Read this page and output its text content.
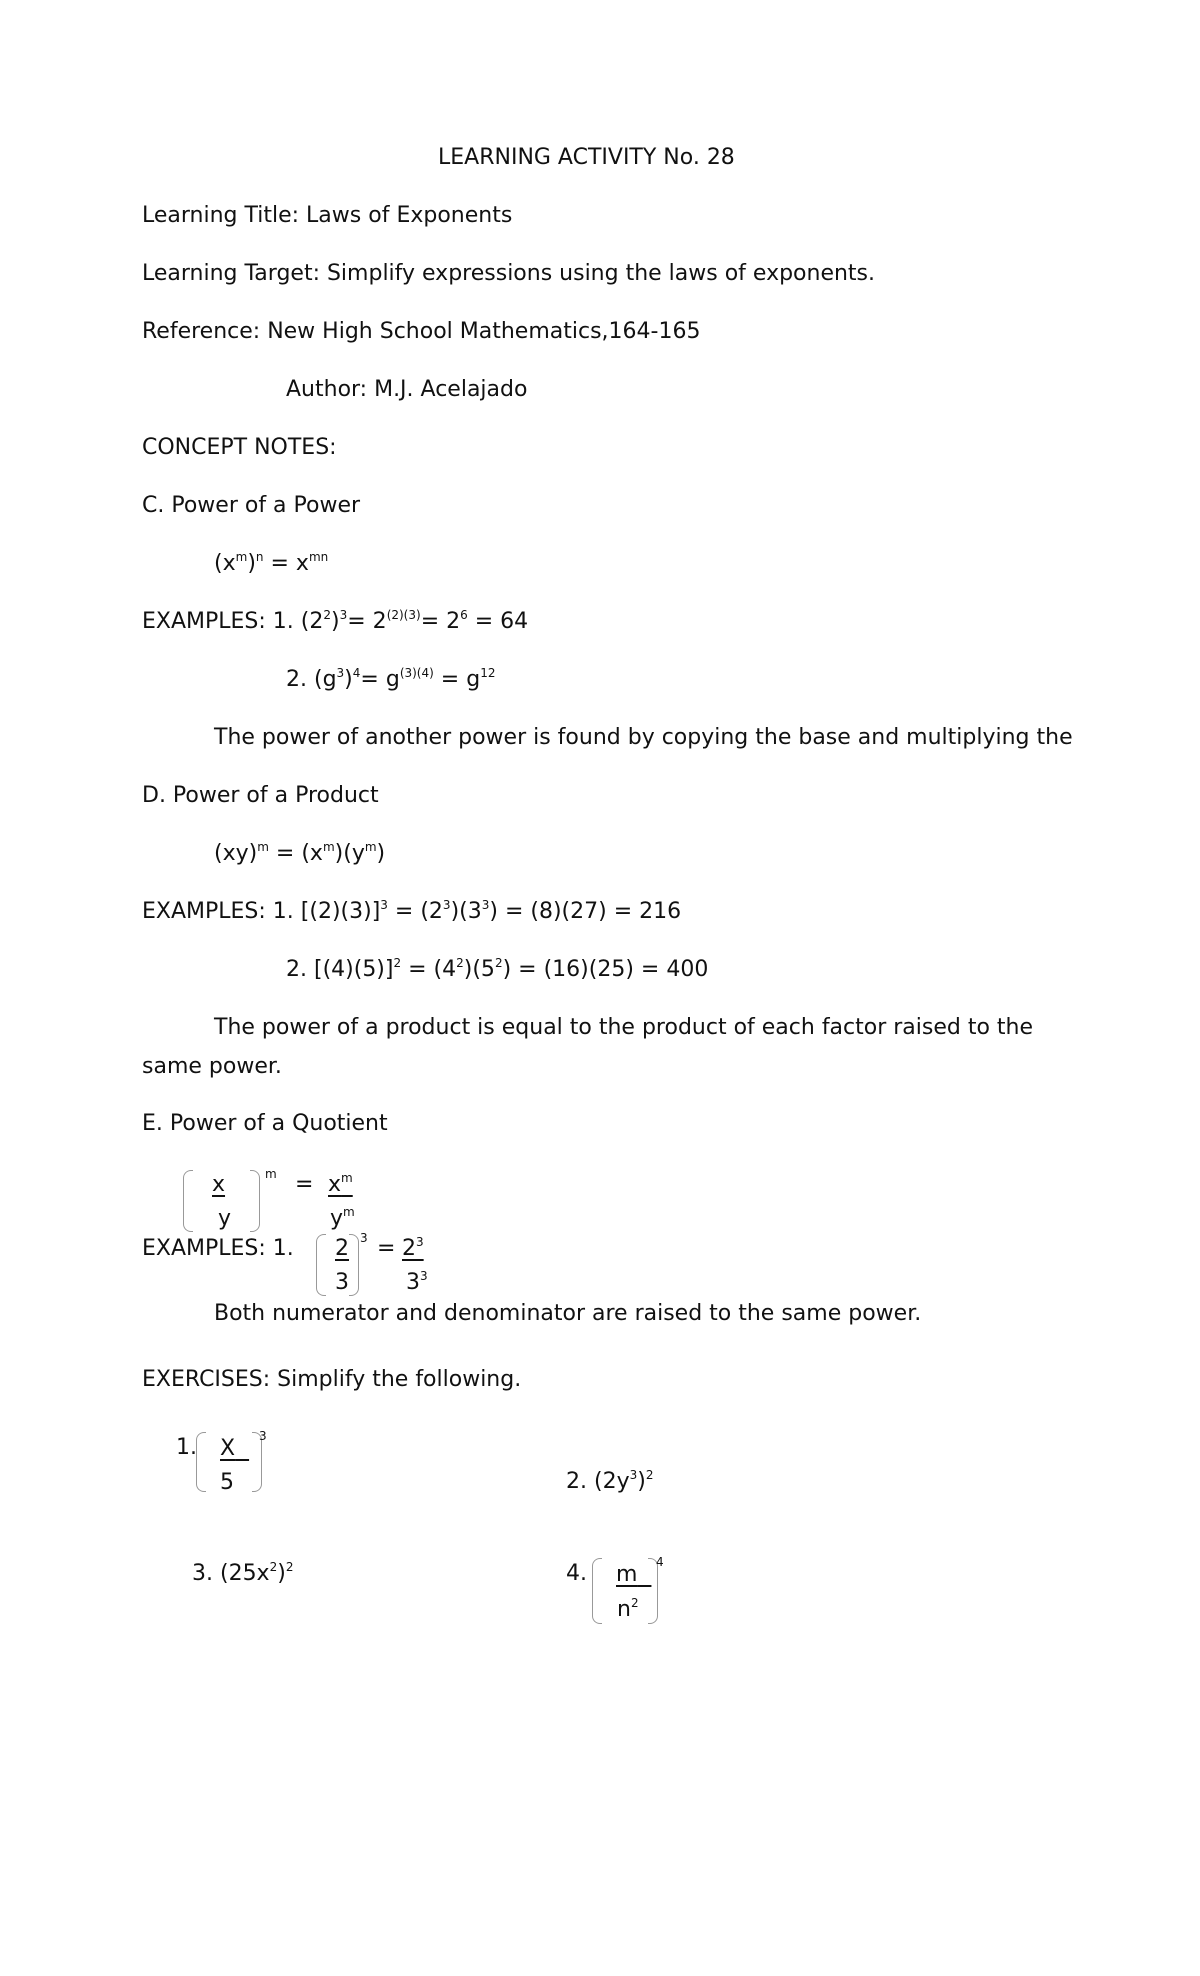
LEARNING ACTIVITY No. 28
Learning Title: Laws of Exponents
Learning Target: Simplify expressions using the laws of exponents.
Reference: New High School Mathematics,164-165
Author: M.J. Acelajado
CONCEPT NOTES:
C. Power of a Power
$(x^m)^n = x^{mn}$
EXAMPLES: 1. $(2^2)^3= 2^{(2)(3)}= 2^6 = 64$
2. $(g^3)^4= g^{(3)(4)} = g^{12}$
The power of another power is found by copying the base and multiplying the
D. Power of a Product
$(xy)^m = (x^m)(y^m)$
EXAMPLES: 1. $[(2)(3)]^3 = (2^3)(3^3) = (8)(27) = 216$
2. $[(4)(5)]^2 = (4^2)(5^2) = (16)(25) = 400$
The power of a product is equal to the product of each factor raised to the
same power.
E. Power of a Quotient
x
y
$m = x^m$
$y^m$
EXAMPLES: 1. 2
3
$3 = 2^3$
$3^3$
Both numerator and denominator are raised to the same power.
EXERCISES: Simplify the following.
1. X
5
3
2. $(2y^3)^2$
3. $(25x^2)^2$	4. m
$n^2$
4
